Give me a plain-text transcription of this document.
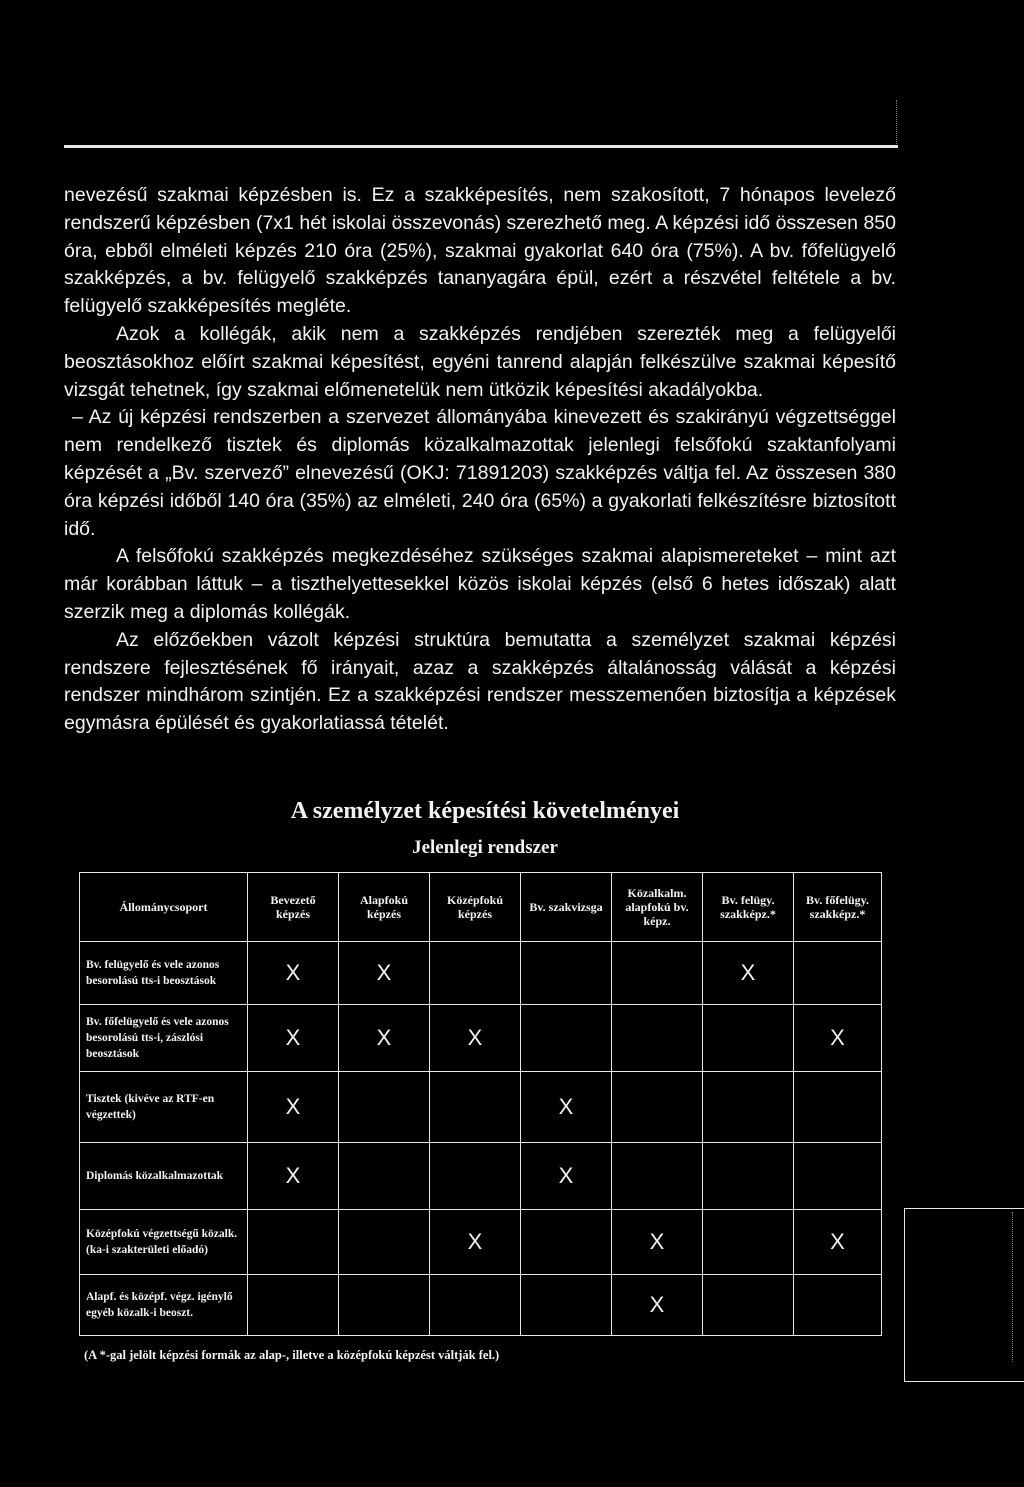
nevezésű szakmai képzésben is. Ez a szakképesítés, nem szakosított, 7 hónapos levelező rendszerű képzésben (7x1 hét iskolai összevonás) szerezhető meg. A képzési idő összesen 850 óra, ebből elméleti képzés 210 óra (25%), szakmai gyakorlat 640 óra (75%). A bv. főfelügyelő szakképzés, a bv. felügyelő szakképzés tananyagára épül, ezért a részvétel feltétele a bv. felügyelő szakképesítés megléte.

Azok a kollégák, akik nem a szakképzés rendjében szerezték meg a felügyelői beosztásokhoz előírt szakmai képesítést, egyéni tanrend alapján felkészülve szakmai képesítő vizsgát tehetnek, így szakmai előmenetelük nem ütközik képesítési akadályokba.

– Az új képzési rendszerben a szervezet állományába kinevezett és szakirányú végzettséggel nem rendelkező tisztek és diplomás közalkalmazottak jelenlegi felsőfokú szaktanfolyami képzését a „Bv. szervező” elnevezésű (OKJ: 71891203) szakképzés váltja fel. Az összesen 380 óra képzési időből 140 óra (35%) az elméleti, 240 óra (65%) a gyakorlati felkészítésre biztosított idő.

A felsőfokú szakképzés megkezdéséhez szükséges szakmai alapismereteket – mint azt már korábban láttuk – a tiszthelyettesekkel közös iskolai képzés (első 6 hetes időszak) alatt szerzik meg a diplomás kollégák.

Az előzőekben vázolt képzési struktúra bemutatta a személyzet szakmai képzési rendszere fejlesztésének fő irányait, azaz a szakképzés általánosság válását a képzési rendszer mindhárom szintjén. Ez a szakképzési rendszer messzemenően biztosítja a képzések egymásra épülését és gyakorlatiassá tételét.

A személyzet képesítési követelményei
Jelenlegi rendszer
Állománycsoport	Bevezető képzés	Alapfokú képzés	Középfokú képzés	Bv. szakvizsga	Közalkalm. alapfokú bv. képz.	Bv. felügy. szakképz.*	Bv. főfelügy. szakképz.*
Bv. felügyelő és vele azonos besorolású tts-i beosztások	X	X				X	
Bv. főfelügyelő és vele azonos besorolású tts-i, zászlósi beosztások	X	X	X				X
Tisztek (kivéve az RTF-en végzettek)	X			X			
Diplomás közalkalmazottak	X			X			
Középfokú végzettségű közalk. (ka-i szakterületi előadó)			X		X		X
Alapf. és középf. végz. igénylő egyéb közalk-i beoszt.					X		
(A *-gal jelölt képzési formák az alap-, illetve a középfokú képzést váltják fel.)
